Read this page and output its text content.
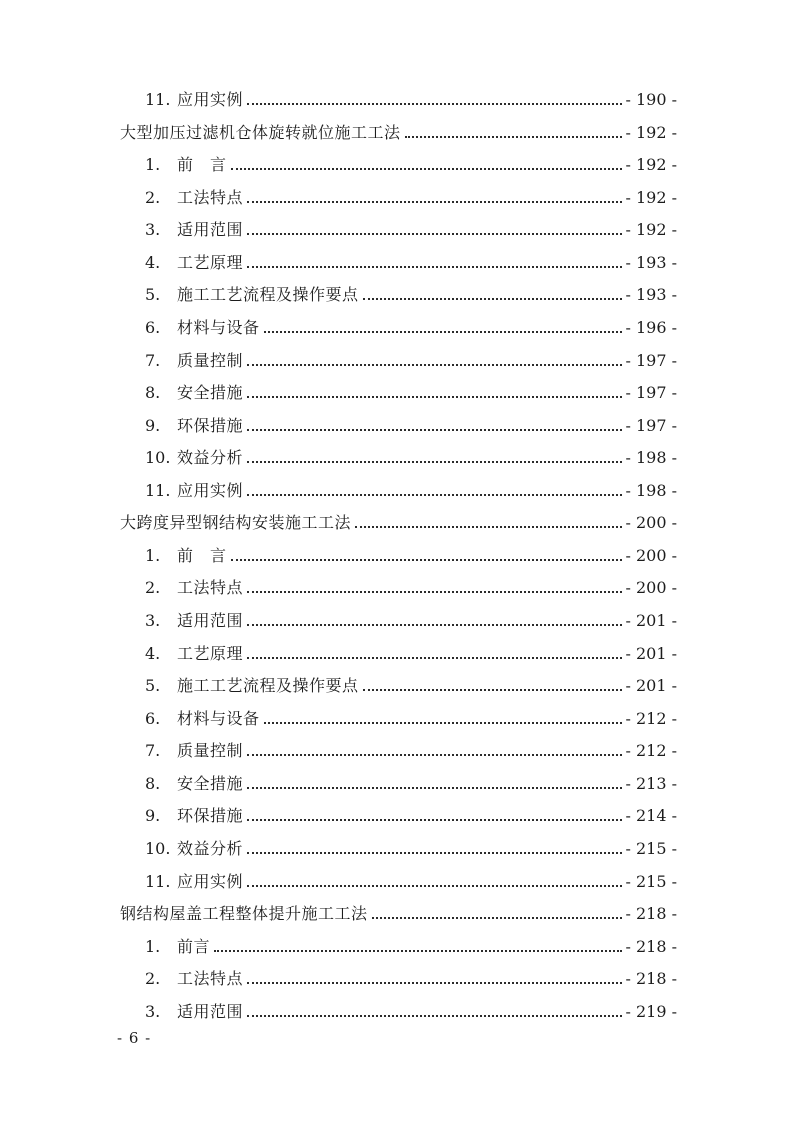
11. 应用实例	- 190 -
大型加压过滤机仓体旋转就位施工工法	- 192 -
1.	前　言	- 192 -
2.	工法特点	- 192 -
3.	适用范围	- 192 -
4.	工艺原理	- 193 -
5.	施工工艺流程及操作要点	- 193 -
6.	材料与设备	- 196 -
7.	质量控制	- 197 -
8.	安全措施	- 197 -
9.	环保措施	- 197 -
10. 效益分析	- 198 -
11. 应用实例	- 198 -
大跨度异型钢结构安装施工工法	- 200 -
1.	前　言	- 200 -
2.	工法特点	- 200 -
3.	适用范围	- 201 -
4.	工艺原理	- 201 -
5.	施工工艺流程及操作要点	- 201 -
6.	材料与设备	- 212 -
7.	质量控制	- 212 -
8.	安全措施	- 213 -
9.	环保措施	- 214 -
10. 效益分析	- 215 -
11. 应用实例	- 215 -
钢结构屋盖工程整体提升施工工法	- 218 -
1.	前言	- 218 -
2.	工法特点	- 218 -
3.	适用范围	- 219 -
- 6 -
